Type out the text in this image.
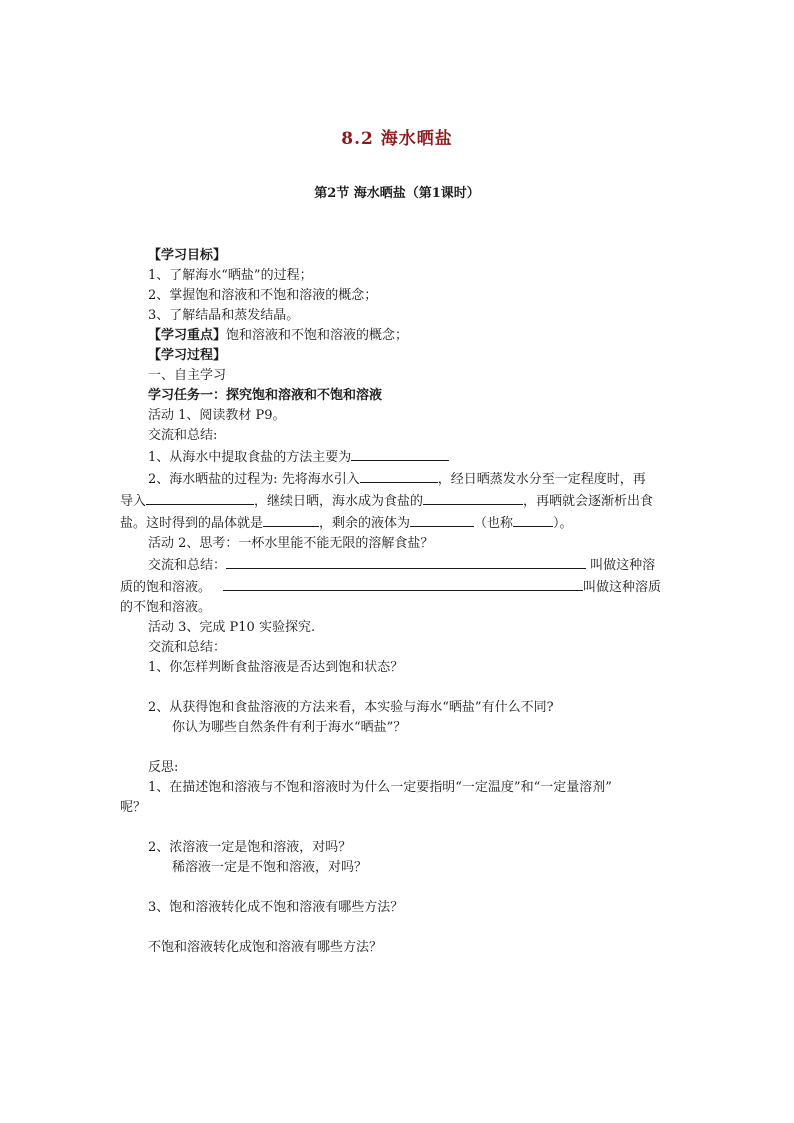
8.2 海水晒盐
第2节 海水晒盐（第1课时）
【学习目标】
1、了解海水“晒盐”的过程；
2、掌握饱和溶液和不饱和溶液的概念；
3、了解结晶和蒸发结晶。
【学习重点】饱和溶液和不饱和溶液的概念；
【学习过程】
一、自主学习
学习任务一：探究饱和溶液和不饱和溶液
活动 1、阅读教材 P9。
交流和总结:
1、从海水中提取食盐的方法主要为
2、海水晒盐的过程为: 先将海水引入	，经日晒蒸发水分至一定程度时，再
导入	，继续日晒，海水成为食盐的	，再晒就会逐渐析出食
盐。这时得到的晶体就是	，剩余的液体为	（也称	）。
活动 2、思考：一杯水里能不能无限的溶解食盐？
交流和总结：	叫做这种溶
质的饱和溶液。	叫做这种溶质
的不饱和溶液。
活动 3、完成 P10 实验探究.
交流和总结：
1、你怎样判断食盐溶液是否达到饱和状态？
2、从获得饱和食盐溶液的方法来看，本实验与海水“晒盐”有什么不同?
你认为哪些自然条件有利于海水“晒盐”？
反思:
1、在描述饱和溶液与不饱和溶液时为什么一定要指明“一定温度”和“一定量溶剂”
呢？
2、浓溶液一定是饱和溶液，对吗？
稀溶液一定是不饱和溶液，对吗？
3、饱和溶液转化成不饱和溶液有哪些方法？
不饱和溶液转化成饱和溶液有哪些方法？
